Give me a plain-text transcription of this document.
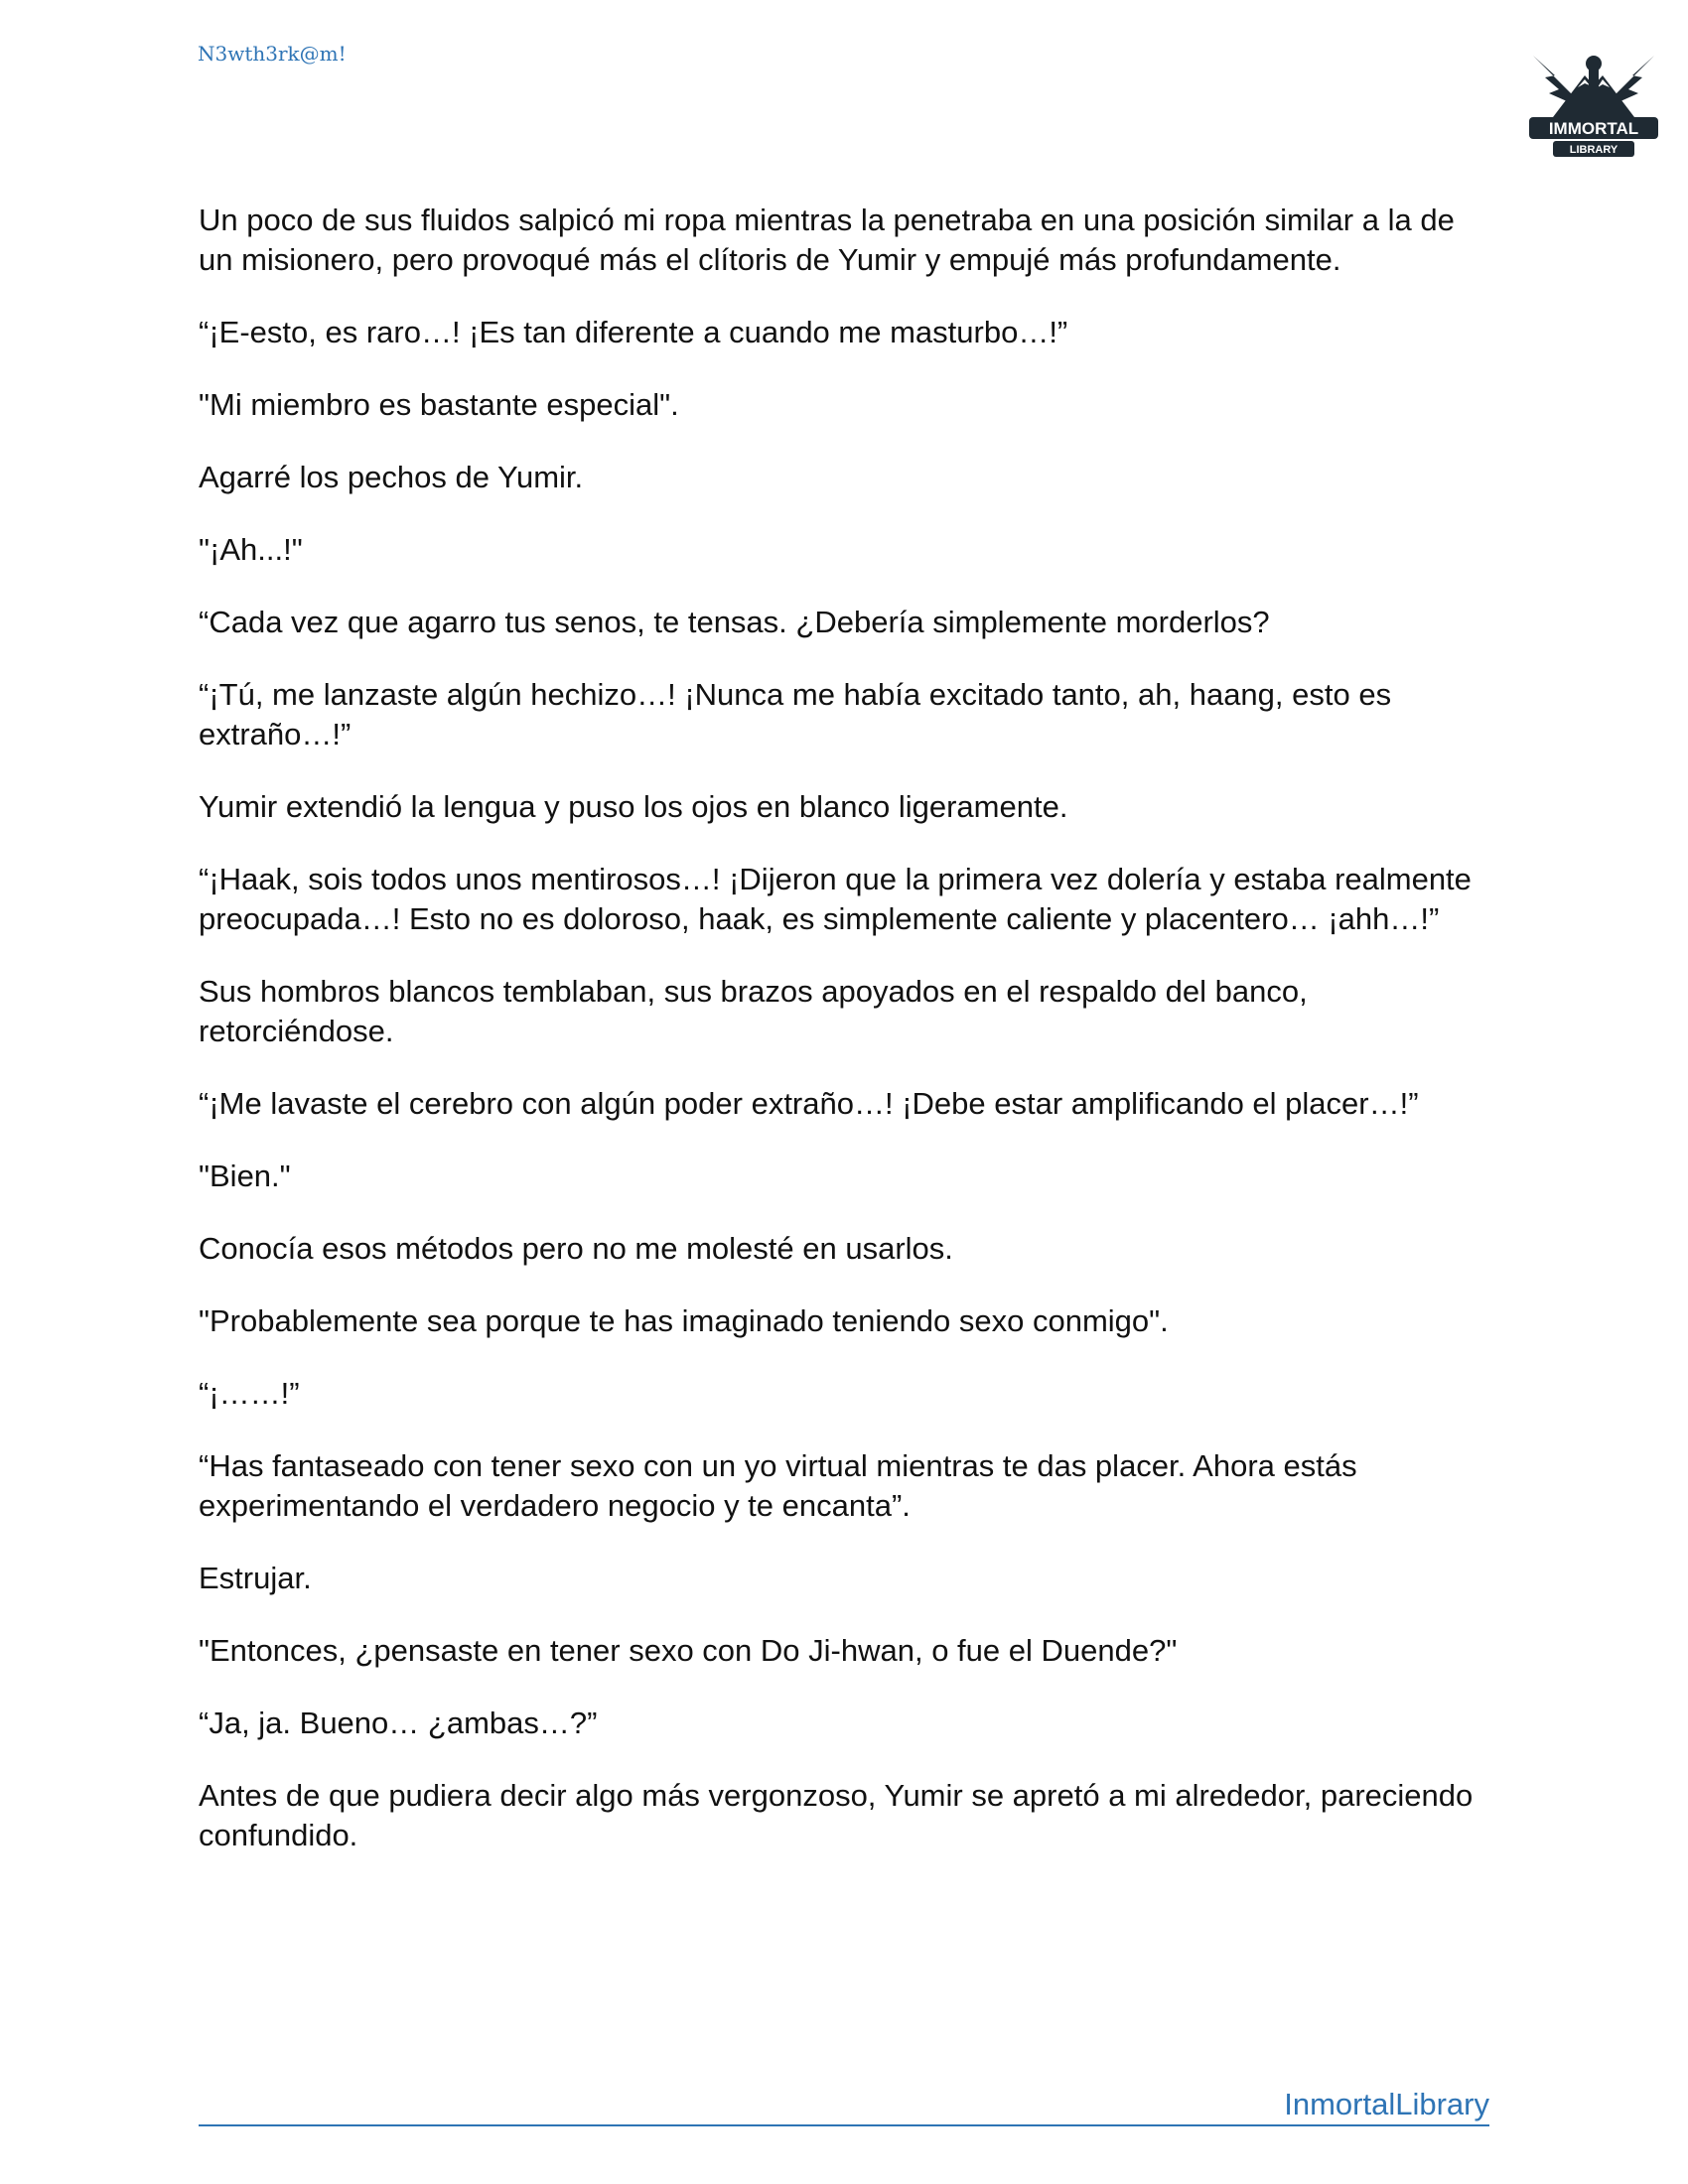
N3wth3rk@m!
IMMORTAL
LIBRARY

Un poco de sus fluidos salpicó mi ropa mientras la penetraba en una posición similar a la de un misionero, pero provoqué más el clítoris de Yumir y empujé más profundamente.

“¡E-esto, es raro…! ¡Es tan diferente a cuando me masturbo…!”

"Mi miembro es bastante especial".

Agarré los pechos de Yumir.

"¡Ah...!"

“Cada vez que agarro tus senos, te tensas. ¿Debería simplemente morderlos?

“¡Tú, me lanzaste algún hechizo…! ¡Nunca me había excitado tanto, ah, haang, esto es extraño…!”

Yumir extendió la lengua y puso los ojos en blanco ligeramente.

“¡Haak, sois todos unos mentirosos…! ¡Dijeron que la primera vez dolería y estaba realmente preocupada…! Esto no es doloroso, haak, es simplemente caliente y placentero… ¡ahh…!”

Sus hombros blancos temblaban, sus brazos apoyados en el respaldo del banco, retorciéndose.

“¡Me lavaste el cerebro con algún poder extraño…! ¡Debe estar amplificando el placer…!”

"Bien."

Conocía esos métodos pero no me molesté en usarlos.

"Probablemente sea porque te has imaginado teniendo sexo conmigo".

“¡……!”

“Has fantaseado con tener sexo con un yo virtual mientras te das placer. Ahora estás experimentando el verdadero negocio y te encanta”.

Estrujar.

"Entonces, ¿pensaste en tener sexo con Do Ji-hwan, o fue el Duende?"

“Ja, ja. Bueno… ¿ambas…?”

Antes de que pudiera decir algo más vergonzoso, Yumir se apretó a mi alrededor, pareciendo confundido.

InmortalLibrary
